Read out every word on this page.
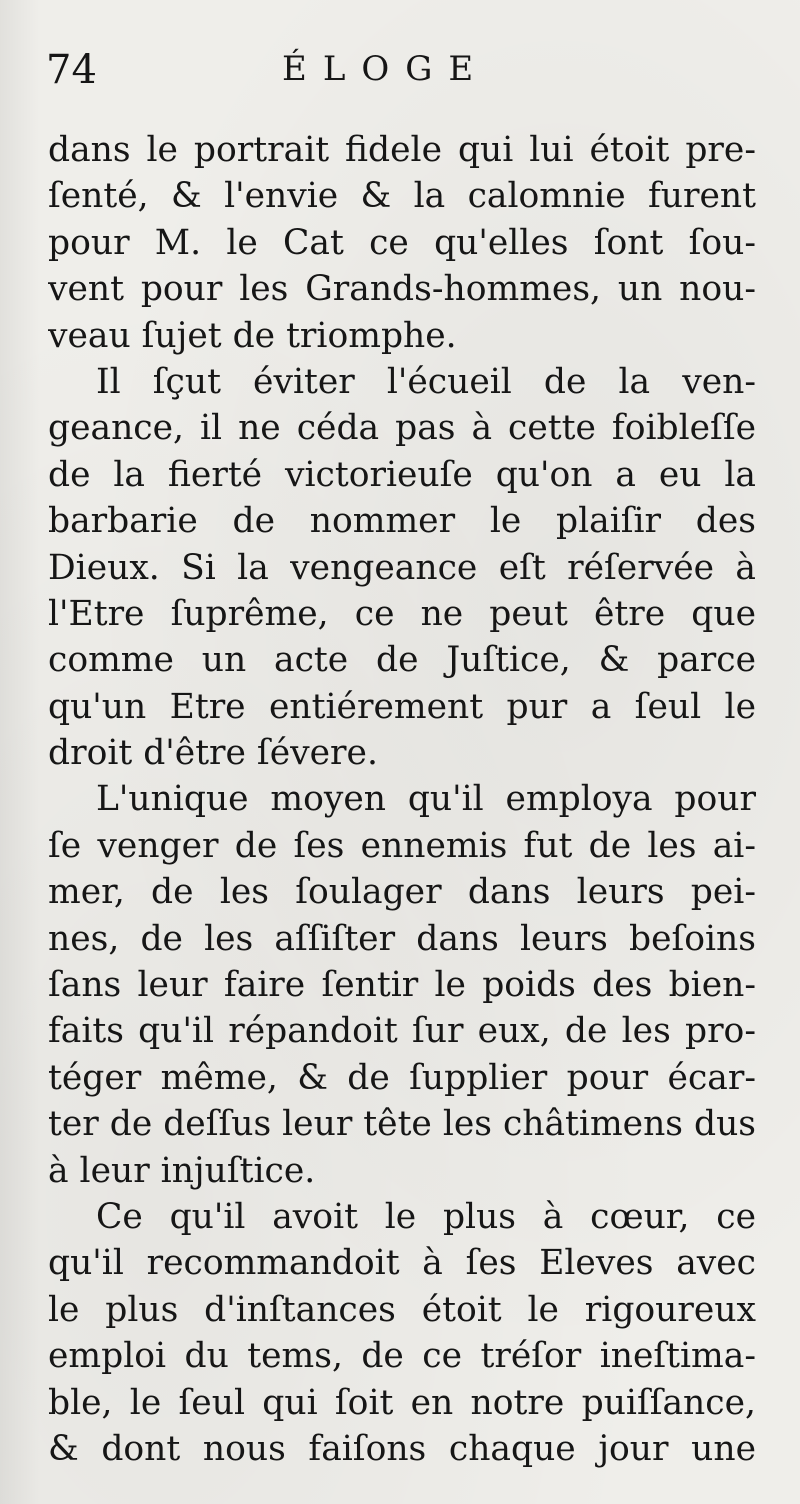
74	ÉLOGE
dans le portrait fidele qui lui étoit pre-
ſenté, & l'envie & la calomnie furent
pour M. le Cat ce qu'elles ſont ſou-
vent pour les Grands-hommes, un nou-
veau ſujet de triomphe.
Il ſçut éviter l'écueil de la ven-
geance, il ne céda pas à cette foibleſſe
de la fierté victorieuſe qu'on a eu la
barbarie de nommer le plaiſir des
Dieux. Si la vengeance eſt réſervée à
l'Etre ſuprême, ce ne peut être que
comme un acte de Juſtice, & parce
qu'un Etre entiérement pur a ſeul le
droit d'être ſévere.
L'unique moyen qu'il employa pour
ſe venger de ſes ennemis fut de les ai-
mer, de les ſoulager dans leurs pei-
nes, de les aſſiſter dans leurs beſoins
ſans leur faire ſentir le poids des bien-
faits qu'il répandoit ſur eux, de les pro-
téger même, & de ſupplier pour écar-
ter de deſſus leur tête les châtimens dus
à leur injuſtice.
Ce qu'il avoit le plus à cœur, ce
qu'il recommandoit à ſes Eleves avec
le plus d'inſtances étoit le rigoureux
emploi du tems, de ce tréſor ineſtima-
ble, le ſeul qui ſoit en notre puiſſance,
& dont nous faiſons chaque jour une
